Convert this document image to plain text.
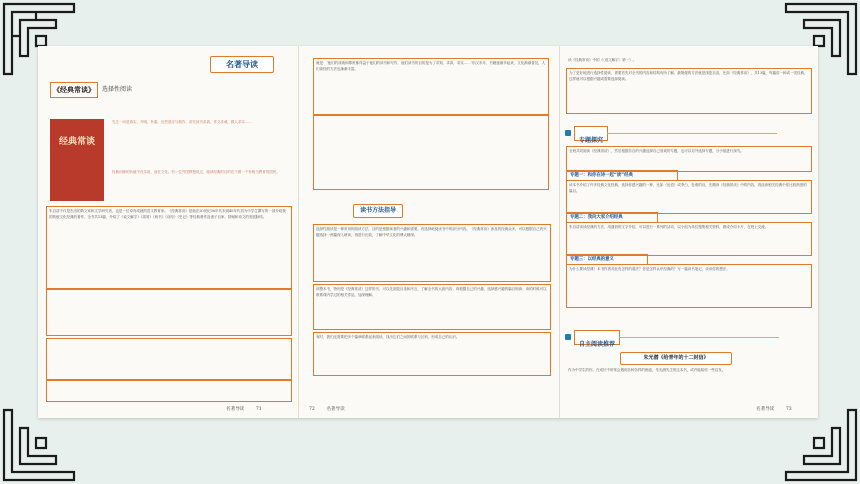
名著导读
《经典常谈》	选择性阅读
经典常谈
先生一向爱真实，开明，朴素，厌恶虚浮与做作，讲究读书求真，作文求诚，做人求实……
经典训练的价值不在实用，而在文化。有一位外国教授说过，阅读经典的目的在于做一个有相当教育的国民。
朱自清不仅是杰出的散文家和文学研究者，也是一位卓有成就的语文教育家。《经典常谈》是他在20世纪30年代末到40年代初为中学生撰写的一部介绍我国传统文化经典的著作，全书共13篇，介绍了《说文解字》《周易》《尚书》《诗经》《史记》等经典著作及诸子百家、辞赋和诗文的发展脉络。
名著导读 71
就是：‘他们的成就和尊贵都得益于他们的读书和写作，他们读书的目的是为了求知，求真，求实……’东汉末年，书籍逐渐多起来，文化渐渐普及，人们读经的方法也渐渐丰富。
读书方法指导
选择性阅读是一种常用的阅读方法，目的是根据读者的兴趣和需要，有选择地阅读书中的部分内容。《经典常谈》涉及的经典众多，可以根据自己的兴趣选择一两篇深入研读，再进行比较，了解中华文化的博大精深。
读整本书，特别是《经典常谈》这样的书，可以先浏览目录和序言，了解全书的大致内容；再根据自己的兴趣，选择感兴趣的篇目细读；读的时候可以联系课内学过的相关作品，加深理解。
有时，我们还需要把多个篇章联系起来阅读，找出它们之间的联系与区别，形成自己的认识。
72 名著导读
读《经典常谈》中的《〈说文解字〉第一》。
为了更好地进行选择性阅读，需要首先对全书的内容和结构有所了解。最简便的方法就是浏览目录，比如《经典常谈》，共13篇，每篇讲一种或一类经典，这样就可以根据兴趣或需要选择阅读。
专题探究
全班共同阅读《经典常谈》，然后根据各自的兴趣选择自己喜欢的专题，也可以另外选择专题，分小组进行探究。
专题一：和你在诗一起“读”经典
读本书介绍了许多经典文化经典，选择你感兴趣的一种，比如《论语》或李白，杜甫的诗，先精读《经典常谈》中的内容，再选读相关经典中你比较熟悉的篇目。
专题二：我向大家介绍经典
朱自清谈读经典的方法，用通俗的文字介绍，可以进行一系列的活动，以小组为单位搜集相关资料，做成介绍卡片，在班上交流。
专题三：以经典的意义
为什么要读经典？本书作者对此有怎样的看法？你是怎样认识经典的？写一篇读书笔记，谈谈你的想法。
自主阅读推荐
朱光潜《给青年的十二封信》
作为中学生的你，在成长中常常会遇到各种各样的困惑，朱光潜先生的这本书，或许能给你一些启发。
名著导读 73
